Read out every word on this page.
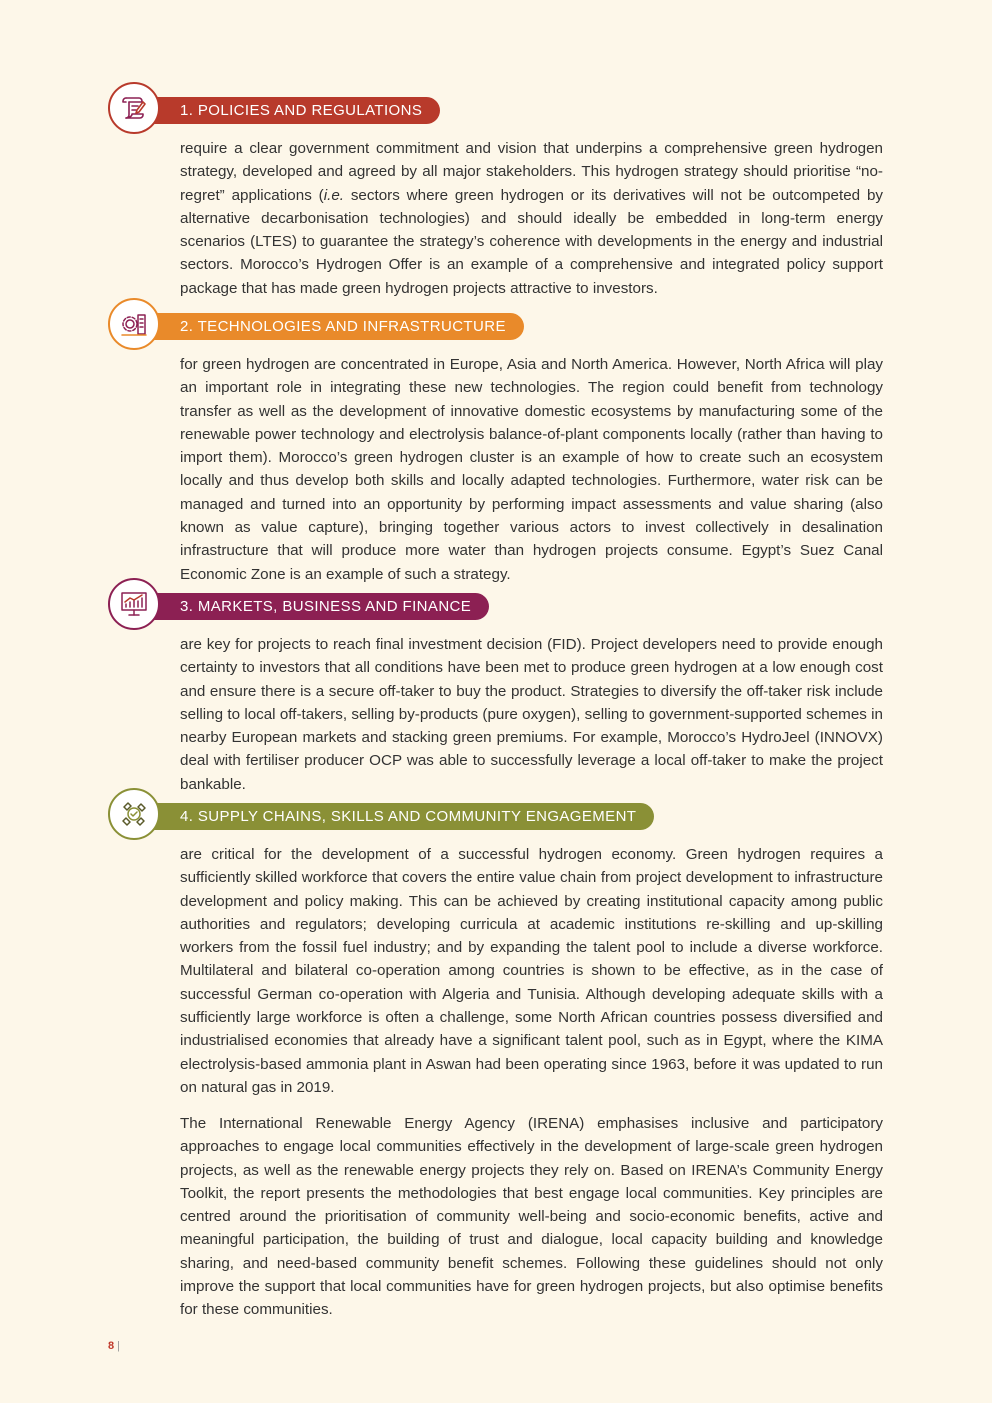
1. POLICIES AND REGULATIONS

require a clear government commitment and vision that underpins a comprehensive green hydrogen strategy, developed and agreed by all major stakeholders. This hydrogen strategy should prioritise “no-regret” applications (i.e. sectors where green hydrogen or its derivatives will not be outcompeted by alternative decarbonisation technologies) and should ideally be embedded in long-term energy scenarios (LTES) to guarantee the strategy’s coherence with developments in the energy and industrial sectors. Morocco’s Hydrogen Offer is an example of a comprehensive and integrated policy support package that has made green hydrogen projects attractive to investors.

2. TECHNOLOGIES AND INFRASTRUCTURE

for green hydrogen are concentrated in Europe, Asia and North America. However, North Africa will play an important role in integrating these new technologies. The region could benefit from technology transfer as well as the development of innovative domestic ecosystems by manufacturing some of the renewable power technology and electrolysis balance-of-plant components locally (rather than having to import them). Morocco’s green hydrogen cluster is an example of how to create such an ecosystem locally and thus develop both skills and locally adapted technologies. Furthermore, water risk can be managed and turned into an opportunity by performing impact assessments and value sharing (also known as value capture), bringing together various actors to invest collectively in desalination infrastructure that will produce more water than hydrogen projects consume. Egypt’s Suez Canal Economic Zone is an example of such a strategy.

3. MARKETS, BUSINESS AND FINANCE

are key for projects to reach final investment decision (FID). Project developers need to provide enough certainty to investors that all conditions have been met to produce green hydrogen at a low enough cost and ensure there is a secure off-taker to buy the product. Strategies to diversify the off-taker risk include selling to local off-takers, selling by-products (pure oxygen), selling to government-supported schemes in nearby European markets and stacking green premiums. For example, Morocco’s HydroJeel (INNOVX) deal with fertiliser producer OCP was able to successfully leverage a local off-taker to make the project bankable.

4. SUPPLY CHAINS, SKILLS AND COMMUNITY ENGAGEMENT

are critical for the development of a successful hydrogen economy. Green hydrogen requires a sufficiently skilled workforce that covers the entire value chain from project development to infrastructure development and policy making. This can be achieved by creating institutional capacity among public authorities and regulators; developing curricula at academic institutions re-skilling and up-skilling workers from the fossil fuel industry; and by expanding the talent pool to include a diverse workforce. Multilateral and bilateral co-operation among countries is shown to be effective, as in the case of successful German co-operation with Algeria and Tunisia. Although developing adequate skills with a sufficiently large workforce is often a challenge, some North African countries possess diversified and industrialised economies that already have a significant talent pool, such as in Egypt, where the KIMA electrolysis-based ammonia plant in Aswan had been operating since 1963, before it was updated to run on natural gas in 2019.

The International Renewable Energy Agency (IRENA) emphasises inclusive and participatory approaches to engage local communities effectively in the development of large-scale green hydrogen projects, as well as the renewable energy projects they rely on. Based on IRENA’s Community Energy Toolkit, the report presents the methodologies that best engage local communities. Key principles are centred around the prioritisation of community well-being and socio-economic benefits, active and meaningful participation, the building of trust and dialogue, local capacity building and knowledge sharing, and need-based community benefit schemes. Following these guidelines should not only improve the support that local communities have for green hydrogen projects, but also optimise benefits for these communities.

8 |
